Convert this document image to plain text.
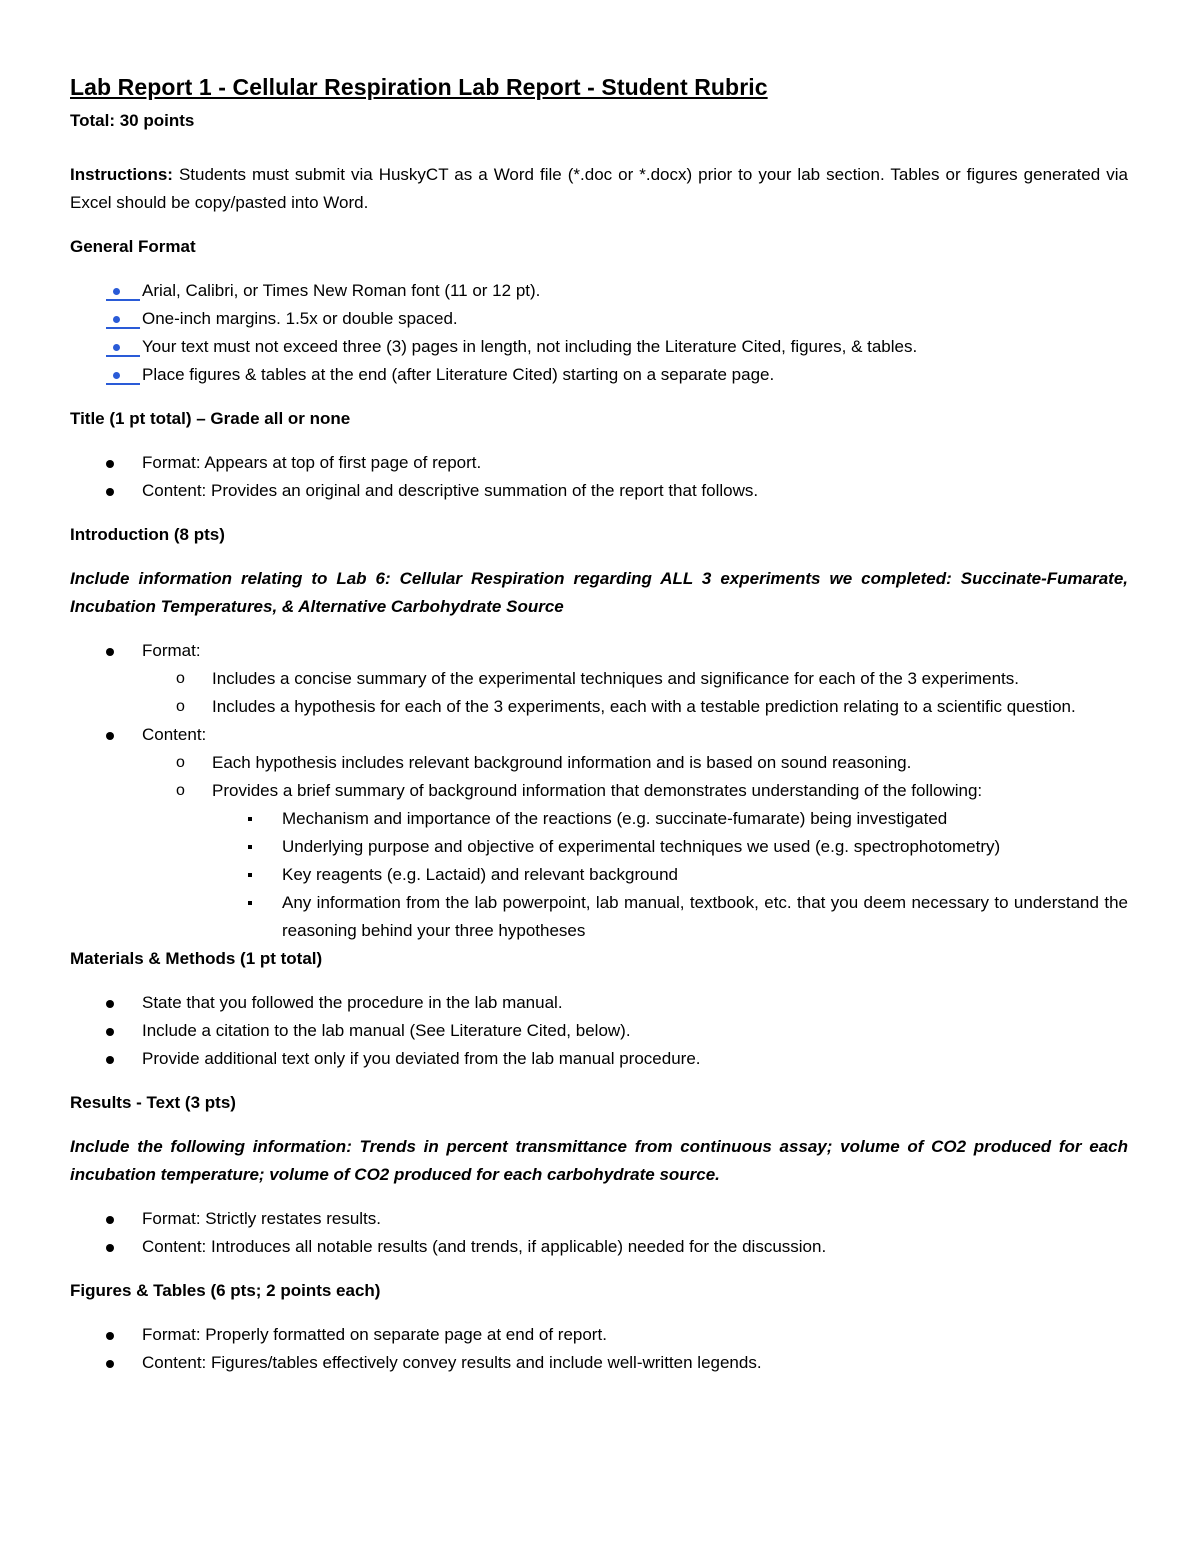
Lab Report 1 - Cellular Respiration Lab Report - Student Rubric
Total: 30 points

Instructions: Students must submit via HuskyCT as a Word file (*.doc or *.docx) prior to your lab section. Tables or figures generated via Excel should be copy/pasted into Word.

General Format
Arial, Calibri, or Times New Roman font (11 or 12 pt).
One-inch margins. 1.5x or double spaced.
Your text must not exceed three (3) pages in length, not including the Literature Cited, figures, & tables.
Place figures & tables at the end (after Literature Cited) starting on a separate page.
Title (1 pt total) – Grade all or none
Format: Appears at top of first page of report.
Content: Provides an original and descriptive summation of the report that follows.
Introduction (8 pts)

Include information relating to Lab 6: Cellular Respiration regarding ALL 3 experiments we completed: Succinate-Fumarate, Incubation Temperatures, & Alternative Carbohydrate Source

Format:
o Includes a concise summary of the experimental techniques and significance for each of the 3 experiments.
o Includes a hypothesis for each of the 3 experiments, each with a testable prediction relating to a scientific question.
Content:
o Each hypothesis includes relevant background information and is based on sound reasoning.
o Provides a brief summary of background information that demonstrates understanding of the following:
Mechanism and importance of the reactions (e.g. succinate-fumarate) being investigated
Underlying purpose and objective of experimental techniques we used (e.g. spectrophotometry)
Key reagents (e.g. Lactaid) and relevant background
Any information from the lab powerpoint, lab manual, textbook, etc. that you deem necessary to understand the reasoning behind your three hypotheses
Materials & Methods (1 pt total)
State that you followed the procedure in the lab manual.
Include a citation to the lab manual (See Literature Cited, below).
Provide additional text only if you deviated from the lab manual procedure.
Results - Text (3 pts)

Include the following information: Trends in percent transmittance from continuous assay; volume of CO2 produced for each incubation temperature; volume of CO2 produced for each carbohydrate source.

Format: Strictly restates results.
Content: Introduces all notable results (and trends, if applicable) needed for the discussion.
Figures & Tables (6 pts; 2 points each)
Format: Properly formatted on separate page at end of report.
Content: Figures/tables effectively convey results and include well-written legends.
